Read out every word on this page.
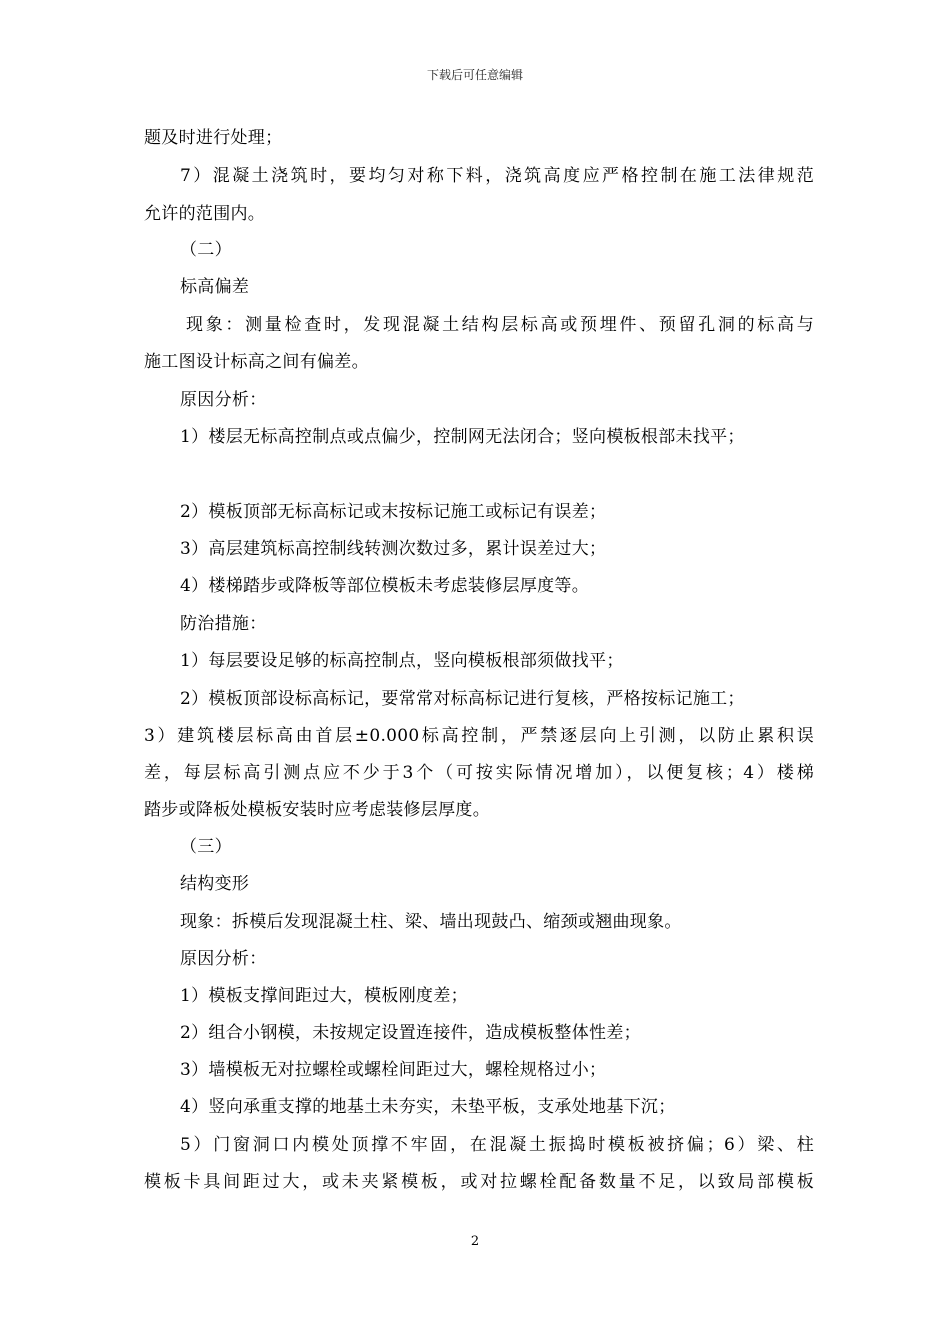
下载后可任意编辑
题及时进行处理；
7）混凝土浇筑时，要均匀对称下料，浇筑高度应严格控制在施工法律规范
允许的范围内。
（二）
标高偏差
现象：测量检查时，发现混凝土结构层标高或预埋件、预留孔洞的标高与
施工图设计标高之间有偏差。
原因分析：
1）楼层无标高控制点或点偏少，控制网无法闭合；竖向模板根部未找平；
2）模板顶部无标高标记或末按标记施工或标记有误差；
3）高层建筑标高控制线转测次数过多，累计误差过大；
4）楼梯踏步或降板等部位模板未考虑装修层厚度等。
防治措施：
1）每层要设足够的标高控制点，竖向模板根部须做找平；
2）模板顶部设标高标记，要常常对标高标记进行复核，严格按标记施工；
3）建筑楼层标高由首层±0.000标高控制，严禁逐层向上引测，以防止累积误
差，每层标高引测点应不少于3个（可按实际情况增加），以便复核；4）楼梯
踏步或降板处模板安装时应考虑装修层厚度。
（三）
结构变形
现象：拆模后发现混凝土柱、梁、墙出现鼓凸、缩颈或翘曲现象。
原因分析：
1）模板支撑间距过大，模板刚度差；
2）组合小钢模，未按规定设置连接件，造成模板整体性差；
3）墙模板无对拉螺栓或螺栓间距过大，螺栓规格过小；
4）竖向承重支撑的地基土未夯实，未垫平板，支承处地基下沉；
5）门窗洞口内模处顶撑不牢固，在混凝土振捣时模板被挤偏；6）梁、柱
模板卡具间距过大，或未夹紧模板，或对拉螺栓配备数量不足，以致局部模板
2
